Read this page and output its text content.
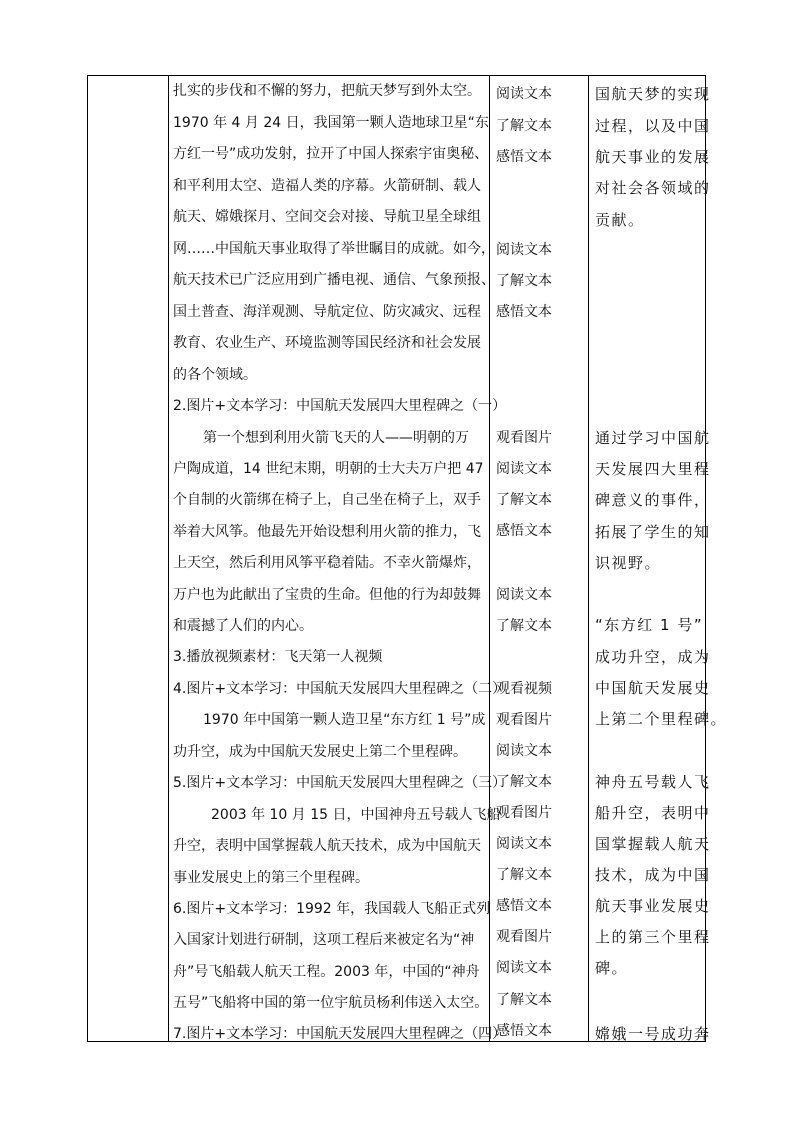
扎实的步伐和不懈的努力，把航天梦写到外太空。
1970 年 4 月 24 日，我国第一颗人造地球卫星“东
方红一号”成功发射，拉开了中国人探索宇宙奥秘、
和平利用太空、造福人类的序幕。火箭研制、载人
航天、嫦娥探月、空间交会对接、导航卫星全球组
网……中国航天事业取得了举世瞩目的成就。如今，
航天技术已广泛应用到广播电视、通信、气象预报、
国土普查、海洋观测、导航定位、防灾减灾、远程
教育、农业生产、环境监测等国民经济和社会发展
的各个领域。
2.图片+文本学习：中国航天发展四大里程碑之（一）
第一个想到利用火箭飞天的人——明朝的万
户陶成道，14 世纪末期，明朝的士大夫万户把 47
个自制的火箭绑在椅子上，自己坐在椅子上，双手
举着大风筝。他最先开始设想利用火箭的推力，飞
上天空，然后利用风筝平稳着陆。不幸火箭爆炸，
万户也为此献出了宝贵的生命。但他的行为却鼓舞
和震撼了人们的内心。
3.播放视频素材：飞天第一人视频
4.图片+文本学习：中国航天发展四大里程碑之（二）
1970 年中国第一颗人造卫星“东方红 1 号”成
功升空，成为中国航天发展史上第二个里程碑。
5.图片+文本学习：中国航天发展四大里程碑之（三）
2003 年 10 月 15 日，中国神舟五号载人飞船
升空，表明中国掌握载人航天技术，成为中国航天
事业发展史上的第三个里程碑。
6.图片+文本学习：1992 年，我国载人飞船正式列
入国家计划进行研制，这项工程后来被定名为“神
舟”号飞船载人航天工程。2003 年，中国的“神舟
五号”飞船将中国的第一位宇航员杨利伟送入太空。
7.图片+文本学习：中国航天发展四大里程碑之（四）
阅读文本
了解文本
感悟文本
阅读文本
了解文本
感悟文本
观看图片
阅读文本
了解文本
感悟文本
阅读文本
了解文本
观看视频
观看图片
阅读文本
了解文本
观看图片
阅读文本
了解文本
感悟文本
观看图片
阅读文本
了解文本
感悟文本
国航天梦的实现
过程，以及中国
航天事业的发展
对社会各领域的
贡献。
通过学习中国航
天发展四大里程
碑意义的事件，
拓展了学生的知
识视野。
“东方红 1 号”
成功升空，成为
中国航天发展史
上第二个里程碑。
神舟五号载人飞
船升空，表明中
国掌握载人航天
技术，成为中国
航天事业发展史
上的第三个里程
碑。
嫦娥一号成功奔
